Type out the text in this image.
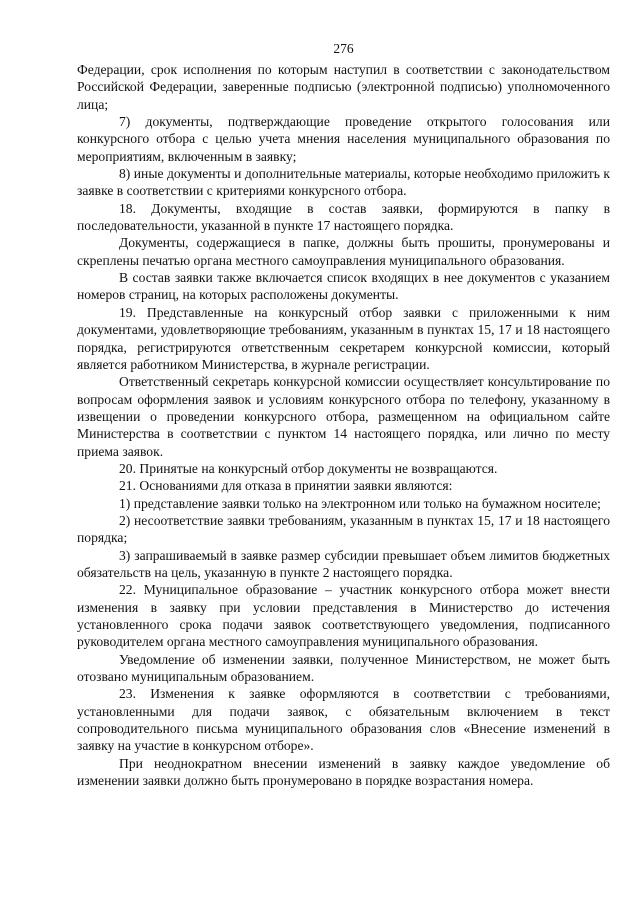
276

Федерации, срок исполнения по которым наступил в соответствии с законодательством Российской Федерации, заверенные подписью (электронной подписью) уполномоченного лица;

7) документы, подтверждающие проведение открытого голосования или конкурсного отбора с целью учета мнения населения муниципального образования по мероприятиям, включенным в заявку;

8) иные документы и дополнительные материалы, которые необходимо приложить к заявке в соответствии с критериями конкурсного отбора.

18. Документы, входящие в состав заявки, формируются в папку в последовательности, указанной в пункте 17 настоящего порядка.

Документы, содержащиеся в папке, должны быть прошиты, пронумерованы и скреплены печатью органа местного самоуправления муниципального образования.

В состав заявки также включается список входящих в нее документов с указанием номеров страниц, на которых расположены документы.

19. Представленные на конкурсный отбор заявки с приложенными к ним документами, удовлетворяющие требованиям, указанным в пунктах 15, 17 и 18 настоящего порядка, регистрируются ответственным секретарем конкурсной комиссии, который является работником Министерства, в журнале регистрации.

Ответственный секретарь конкурсной комиссии осуществляет консультирование по вопросам оформления заявок и условиям конкурсного отбора по телефону, указанному в извещении о проведении конкурсного отбора, размещенном на официальном сайте Министерства в соответствии с пунктом 14 настоящего порядка, или лично по месту приема заявок.

20. Принятые на конкурсный отбор документы не возвращаются.

21. Основаниями для отказа в принятии заявки являются:

1) представление заявки только на электронном или только на бумажном носителе;

2) несоответствие заявки требованиям, указанным в пунктах 15, 17 и 18 настоящего порядка;

3) запрашиваемый в заявке размер субсидии превышает объем лимитов бюджетных обязательств на цель, указанную в пункте 2 настоящего порядка.

22. Муниципальное образование – участник конкурсного отбора может внести изменения в заявку при условии представления в Министерство до истечения установленного срока подачи заявок соответствующего уведомления, подписанного руководителем органа местного самоуправления муниципального образования.

Уведомление об изменении заявки, полученное Министерством, не может быть отозвано муниципальным образованием.

23. Изменения к заявке оформляются в соответствии с требованиями, установленными для подачи заявок, с обязательным включением в текст сопроводительного письма муниципального образования слов «Внесение изменений в заявку на участие в конкурсном отборе».

При неоднократном внесении изменений в заявку каждое уведомление об изменении заявки должно быть пронумеровано в порядке возрастания номера.
